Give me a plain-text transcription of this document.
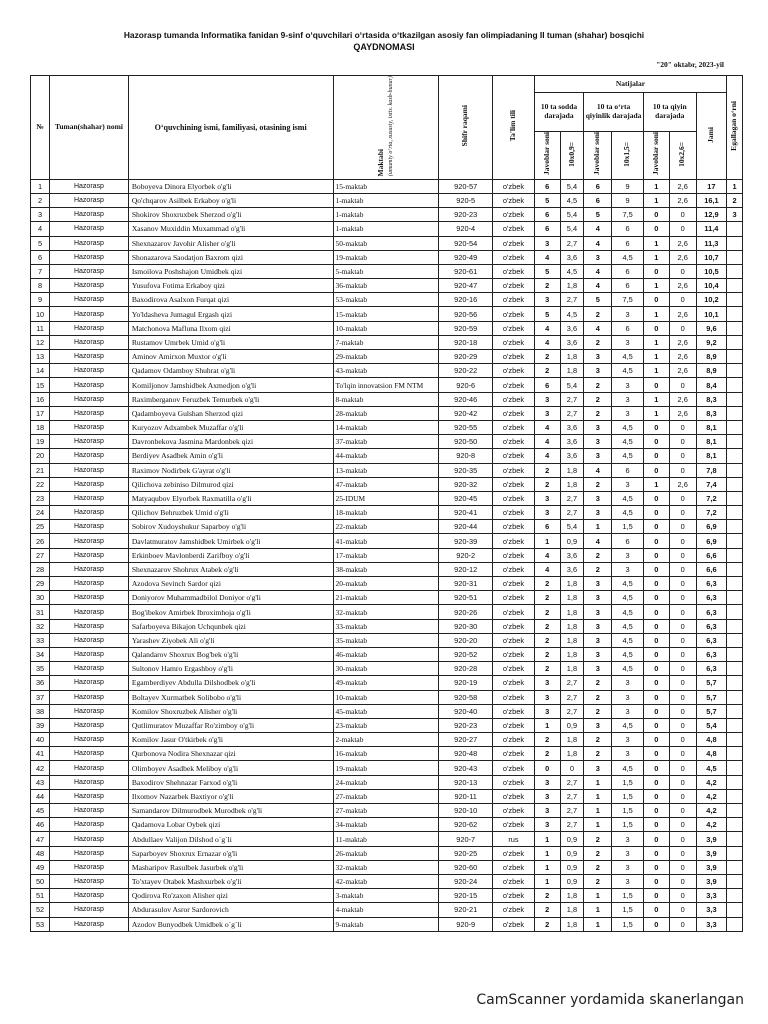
Hazorasp tumanda Informatika fanidan 9-sinf o‘quvchilari o‘rtasida o‘tkazilgan asosiy fan olimpiadaning II tuman (shahar) bosqichi
QAYDNOMASI
"20" oktabr, 2023-yil
№	Tuman(shahar) nomi	O‘quvchining ismi, familiyasi, otasining ismi	Maktabi (umumiy o‘rta, xususiy, ixtis. kasb-hunar)	Shifr raqami	Ta'lim tili	Natijalar							Egallagan o‘rni
						10 ta sodda darajada		10 ta o‘rta qiyinlik darajada		10 ta qiyin darajada		Jami	
						Javoblar soni	10x0,9=	Javoblar soni	10x1,5=	Javoblar soni	10x2,6=		
1	Hazorasp	Boboyeva Dinora Elyorbek o'g'li	15-maktab	920-57	o'zbek	6	5,4	6	9	1	2,6	17	1
2	Hazorasp	Qo'chqarov Asilbek Erkaboy o'g'li	1-maktab	920-5	o'zbek	5	4,5	6	9	1	2,6	16,1	2
3	Hazorasp	Shokirov Shoxruxbek Sherzod o'g'li	1-maktab	920-23	o'zbek	6	5,4	5	7,5	0	0	12,9	3
4	Hazorasp	Xasanov Muxiddin Muxammad o'g'li	1-maktab	920-4	o'zbek	6	5,4	4	6	0	0	11,4	
5	Hazorasp	Shexnazarov Javohir Alisher o'g'li	50-maktab	920-54	o'zbek	3	2,7	4	6	1	2,6	11,3	
6	Hazorasp	Shonazarova Saodatjon Baxrom qizi	19-maktab	920-49	o'zbek	4	3,6	3	4,5	1	2,6	10,7	
7	Hazorasp	Ismoilova Poshshajon Umidbek qizi	5-maktab	920-61	o'zbek	5	4,5	4	6	0	0	10,5	
8	Hazorasp	Yusufova Fotima Erkaboy qizi	36-maktab	920-47	o'zbek	2	1,8	4	6	1	2,6	10,4	
9	Hazorasp	Baxodirova Asalxon Furqat qizi	53-maktab	920-16	o'zbek	3	2,7	5	7,5	0	0	10,2	
10	Hazorasp	Yo'ldasheva Jumagul Ergash qizi	15-maktab	920-56	o'zbek	5	4,5	2	3	1	2,6	10,1	
11	Hazorasp	Matchonova Mafluna Ilxom qizi	10-maktab	920-59	o'zbek	4	3,6	4	6	0	0	9,6	
12	Hazorasp	Rustamov Umrbek Umid o'g'li	7-maktab	920-18	o'zbek	4	3,6	2	3	1	2,6	9,2	
13	Hazorasp	Aminov Amirxon Muxtor o'g'li	29-maktab	920-29	o'zbek	2	1,8	3	4,5	1	2,6	8,9	
14	Hazorasp	Qadamov Odamboy Shuhrat o'g'li	43-maktab	920-22	o'zbek	2	1,8	3	4,5	1	2,6	8,9	
15	Hazorasp	Komiljonov Jamshidbek Axmedjon o'g'li	To'lqin innovatsion FM NTM	920-6	o'zbek	6	5,4	2	3	0	0	8,4	
16	Hazorasp	Raximberganov Feruzbek Temurbek o'g'li	8-maktab	920-46	o'zbek	3	2,7	2	3	1	2,6	8,3	
17	Hazorasp	Qadamboyeva Gulshan Sherzod qizi	28-maktab	920-42	o'zbek	3	2,7	2	3	1	2,6	8,3	
18	Hazorasp	Kuryozov Adxambek Muzaffar o'g'li	14-maktab	920-55	o'zbek	4	3,6	3	4,5	0	0	8,1	
19	Hazorasp	Davronbekova Jasmina Mardonbek qizi	37-maktab	920-50	o'zbek	4	3,6	3	4,5	0	0	8,1	
20	Hazorasp	Berdiyev Asadbek Amin o'g'li	44-maktab	920-8	o'zbek	4	3,6	3	4,5	0	0	8,1	
21	Hazorasp	Raximov Nodirbek G'ayrat o'g'li	13-maktab	920-35	o'zbek	2	1,8	4	6	0	0	7,8	
22	Hazorasp	Qilichova zebiniso Dilmurod qizi	47-maktab	920-32	o'zbek	2	1,8	2	3	1	2,6	7,4	
23	Hazorasp	Matyaqubov Elyorbek Raxmatilla o'g'li	25-IDUM	920-45	o'zbek	3	2,7	3	4,5	0	0	7,2	
24	Hazorasp	Qilichov Behruzbek Umid o'g'li	18-maktab	920-41	o'zbek	3	2,7	3	4,5	0	0	7,2	
25	Hazorasp	Sobirov Xudoyshukur Saparboy o'g'li	22-maktab	920-44	o'zbek	6	5,4	1	1,5	0	0	6,9	
26	Hazorasp	Davlatmuratov Jamshidbek Umirbek o'g'li	41-maktab	920-39	o'zbek	1	0,9	4	6	0	0	6,9	
27	Hazorasp	Erkinboev Mavlonberdi Zarifboy o'g'li	17-maktab	920-2	o'zbek	4	3,6	2	3	0	0	6,6	
28	Hazorasp	Shexnazarov Shohrux Atabek o'g'li	38-maktab	920-12	o'zbek	4	3,6	2	3	0	0	6,6	
29	Hazorasp	Azodova Sevinch Sardor qizi	20-maktab	920-31	o'zbek	2	1,8	3	4,5	0	0	6,3	
30	Hazorasp	Doniyorov Muhammadbilol Doniyor o'g'li	21-maktab	920-51	o'zbek	2	1,8	3	4,5	0	0	6,3	
31	Hazorasp	Bog'ibekov Amirbek Ibroximhoja o'g'li	32-maktab	920-26	o'zbek	2	1,8	3	4,5	0	0	6,3	
32	Hazorasp	Safarboyeva Bikajon Uchqunbek qizi	33-maktab	920-30	o'zbek	2	1,8	3	4,5	0	0	6,3	
33	Hazorasp	Yarashev Ziyobek Ali o'g'li	35-maktab	920-20	o'zbek	2	1,8	3	4,5	0	0	6,3	
34	Hazorasp	Qalandarov Shoxrux Bog'bek o'g'li	46-maktab	920-52	o'zbek	2	1,8	3	4,5	0	0	6,3	
35	Hazorasp	Sultonov Hamro Ergashboy o'g'li	30-maktab	920-28	o'zbek	2	1,8	3	4,5	0	0	6,3	
36	Hazorasp	Egamberdiyev Abdulla Dilshodbek o'g'li	49-maktab	920-19	o'zbek	3	2,7	2	3	0	0	5,7	
37	Hazorasp	Boltayev Xurmatbek Solibobo o'g'li	10-maktab	920-58	o'zbek	3	2,7	2	3	0	0	5,7	
38	Hazorasp	Komilov Shoxruzbek Alisher o'g'li	45-maktab	920-40	o'zbek	3	2,7	2	3	0	0	5,7	
39	Hazorasp	Qutlimuratov Muzaffar Ro'zimboy o'g'li	23-maktab	920-23	o'zbek	1	0,9	3	4,5	0	0	5,4	
40	Hazorasp	Komilov Jasur O'tkirbek o'g'li	2-maktab	920-27	o'zbek	2	1,8	2	3	0	0	4,8	
41	Hazorasp	Qurbonova Nodira Shexnazar qizi	16-maktab	920-48	o'zbek	2	1,8	2	3	0	0	4,8	
42	Hazorasp	Olimboyev Asadbek Meliboy o'g'li	19-maktab	920-43	o'zbek	0	0	3	4,5	0	0	4,5	
43	Hazorasp	Baxodirov Shehnazar Farxod o'g'li	24-maktab	920-13	o'zbek	3	2,7	1	1,5	0	0	4,2	
44	Hazorasp	Ilxomov Nazarbek Baxtiyor o'g'li	27-maktab	920-11	o'zbek	3	2,7	1	1,5	0	0	4,2	
45	Hazorasp	Samandarov Dilmurodbek Murodbek o'g'li	27-maktab	920-10	o'zbek	3	2,7	1	1,5	0	0	4,2	
46	Hazorasp	Qadamova Lobar Oybek qizi	34-maktab	920-62	o'zbek	3	2,7	1	1,5	0	0	4,2	
47	Hazorasp	Abdullaev Valijon Dilshod o`g`li	11-maktab	920-7	rus	1	0,9	2	3	0	0	3,9	
48	Hazorasp	Saparboyev Shoxrux Ernazar o'g'li	26-maktab	920-25	o'zbek	1	0,9	2	3	0	0	3,9	
49	Hazorasp	Masharipov Rasulbek Jasurbek o'g'li	32-maktab	920-60	o'zbek	1	0,9	2	3	0	0	3,9	
50	Hazorasp	To'xtayev Otabek Mashxurbek o'g'li	42-maktab	920-24	o'zbek	1	0,9	2	3	0	0	3,9	
51	Hazorasp	Qodirova Ro'zaxon Alisher qizi	3-maktab	920-15	o'zbek	2	1,8	1	1,5	0	0	3,3	
52	Hazorasp	Abdurasulov Asror Sardorovich	4-maktab	920-21	o'zbek	2	1,8	1	1,5	0	0	3,3	
53	Hazorasp	Azodov Bunyodbek Umidbek o`g`li	9-maktab	920-9	o'zbek	2	1,8	1	1,5	0	0	3,3	
CamScanner yordamida skanerlangan
